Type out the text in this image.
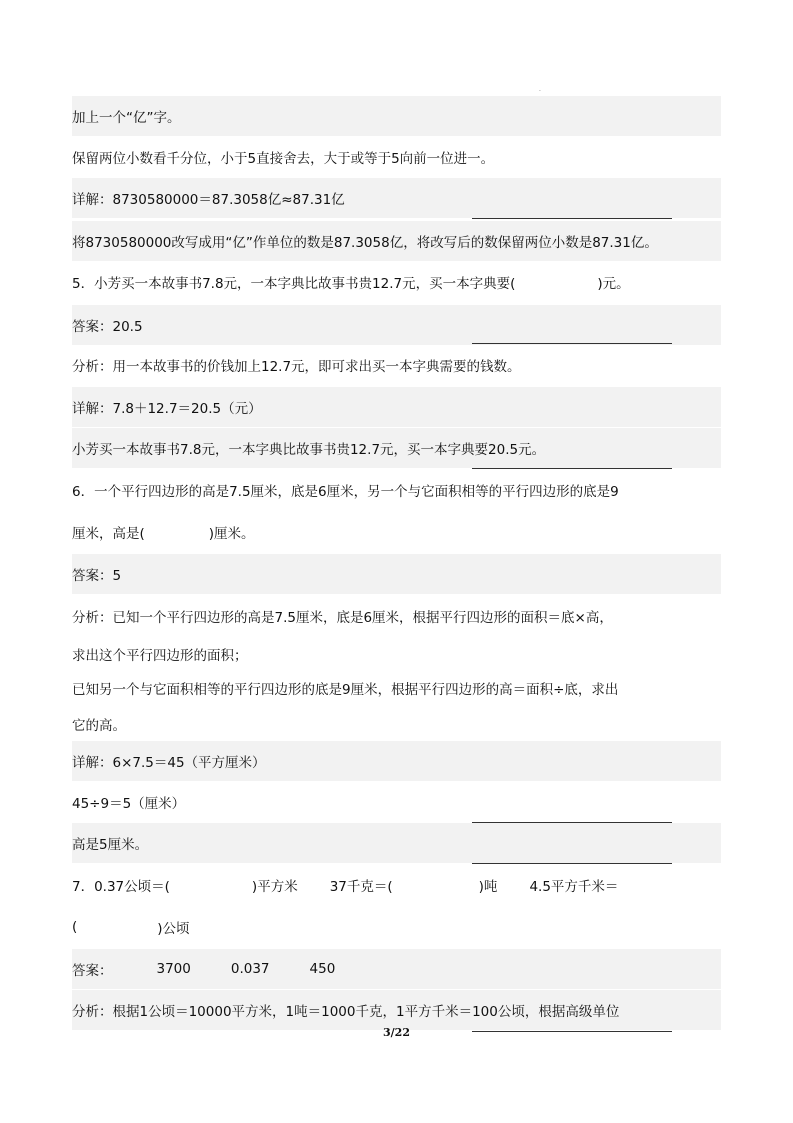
.
加上一个“亿”字。
保留两位小数看千分位，小于5直接舍去，大于或等于5向前一位进一。
详解：8730580000＝87.3058亿≈87.31亿
将8730580000改写成用“亿”作单位的数是87.3058亿，将改写后的数保留两位小数是87.31亿。
5．小芳买一本故事书7.8元，一本字典比故事书贵12.7元，买一本字典要(	)元。
答案：20.5
分析：用一本故事书的价钱加上12.7元，即可求出买一本字典需要的钱数。
详解：7.8＋12.7＝20.5（元）
小芳买一本故事书7.8元，一本字典比故事书贵12.7元，买一本字典要20.5元。
6．一个平行四边形的高是7.5厘米，底是6厘米，另一个与它面积相等的平行四边形的底是9
厘米，高是(	)厘米。
答案：5
分析：已知一个平行四边形的高是7.5厘米，底是6厘米，根据平行四边形的面积＝底×高，
求出这个平行四边形的面积；
已知另一个与它面积相等的平行四边形的底是9厘米，根据平行四边形的高＝面积÷底，求出
它的高。
详解：6×7.5＝45（平方厘米）
45÷9＝5（厘米）
高是5厘米。
7．0.37公顷＝(	)平方米 37千克＝(	)吨 4.5平方千米＝
(	)公顷
答案：	3700	0.037	450
分析：根据1公顷＝10000平方米，1吨＝1000千克，1平方千米＝100公顷，根据高级单位
3/22
